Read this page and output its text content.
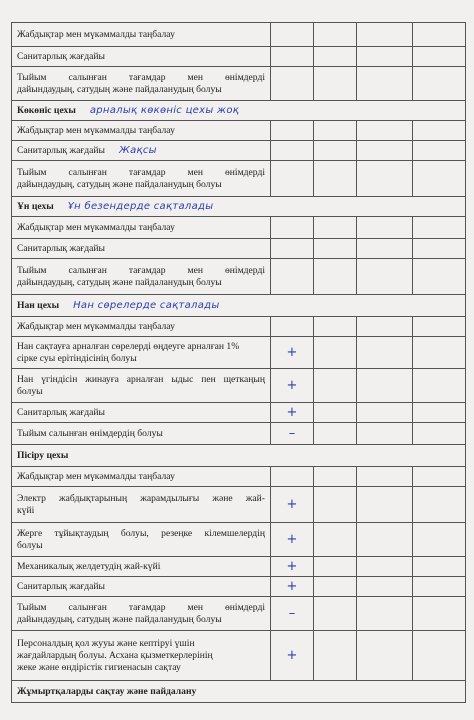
Жабдықтар мен мүкәммалды таңбалау				
Санитарлық жағдайы				

Тыйым салынған тағамдар мен өнімдерді
дайындаудың, сатудың және пайдаланудың болуы				

Көкөніс цехы арналық көкөніс цехы жоқ				
Жабдықтар мен мүкәммалды таңбалау				
Санитарлық жағдайы Жақсы				

Тыйым салынған тағамдар мен өнімдерді
дайындаудың, сатудың және пайдаланудың болуы				

Ұн цехы Ұн безендерде сақталады				
Жабдықтар мен мүкәммалды таңбалау				
Санитарлық жағдайы				

Тыйым салынған тағамдар мен өнімдерді
дайындаудың, сатудың және пайдаланудың болуы				

Нан цехы Нан сөрелерде сақталады				
Жабдықтар мен мүкәммалды таңбалау				

Нан сақтауға арналған сөрелерді өңдеуге арналған 1%
сірке суы ерітіндісінің болуы	+			

Нан үгіндісін жинауға арналған ыдыс пен щеткаңың
болуы	+			
Санитарлық жағдайы	+			
Тыйым салынған өнімдердің болуы	–			
Пісіру цехы				
Жабдықтар мен мүкәммалды таңбалау				

Электр жабдықтарының жарамдылығы және жай-
күйі	+			

Жерге тұйықтаудың болуы, резеңке кілемшелердің
болуы	+			
Механикалық желдетудің жай-күйі	+			
Санитарлық жағдайы	+			

Тыйым салынған тағамдар мен өнімдерді
дайындаудың, сатудың және пайдаланудың болуы	–			

Персоналдың қол жууы және кептіруі үшін
жағдайлардың болуы. Асхана қызметкерлерінің
жеке және өндірістік гигиенасын сақтау	+			
Жұмыртқаларды сақтау және пайдалану				
